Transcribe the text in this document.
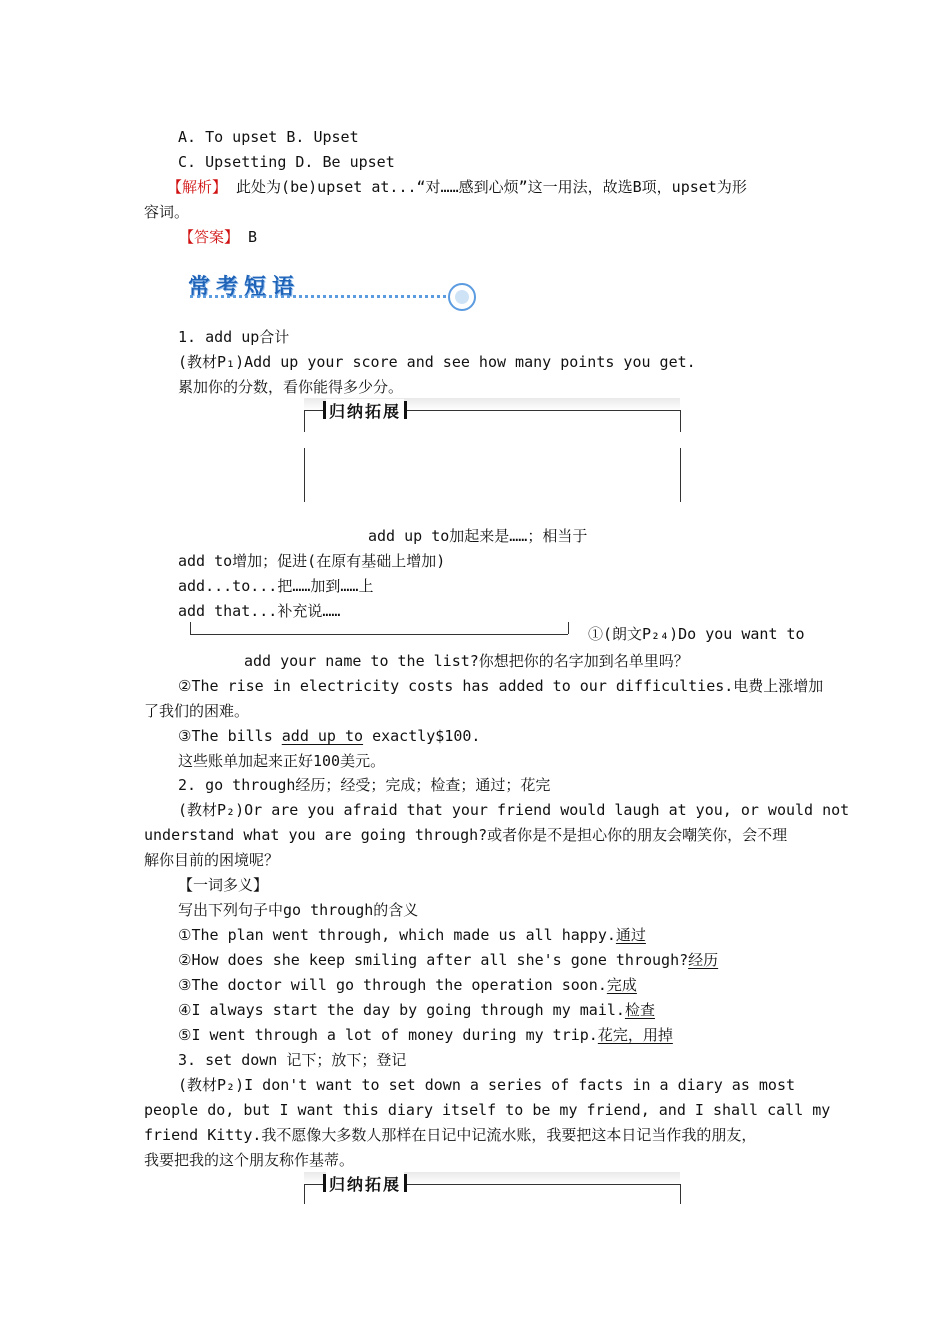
A. To upset B. Upset
C. Upsetting D. Be upset
【解析】 此处为(be)upset at...“对……感到心烦”这一用法，故选B项，upset为形
容词。
【答案】 B
常考短语
1. add up合计
(教材P₁)Add up your score and see how many points you get.
累加你的分数，看你能得多少分。
归纳拓展
add up to加起来是……；相当于
add to增加；促进(在原有基础上增加)
add...to...把……加到……上
add that...补充说……
①(朗文P₂₄)Do you want to
add your name to the list?你想把你的名字加到名单里吗？
②The rise in electricity costs has added to our difficulties.电费上涨增加
了我们的困难。
③The bills add up to exactly$100.
这些账单加起来正好100美元。
2. go through经历；经受；完成；检查；通过；花完
(教材P₂)Or are you afraid that your friend would laugh at you, or would not
understand what you are going through?或者你是不是担心你的朋友会嘲笑你，会不理
解你目前的困境呢？
【一词多义】
写出下列句子中go through的含义
①The plan went through, which made us all happy.通过
②How does she keep smiling after all she's gone through?经历
③The doctor will go through the operation soon.完成
④I always start the day by going through my mail.检查
⑤I went through a lot of money during my trip.花完，用掉
3. set down 记下；放下；登记
(教材P₂)I don't want to set down a series of facts in a diary as most
people do, but I want this diary itself to be my friend, and I shall call my
friend Kitty.我不愿像大多数人那样在日记中记流水账，我要把这本日记当作我的朋友，
我要把我的这个朋友称作基蒂。
归纳拓展
